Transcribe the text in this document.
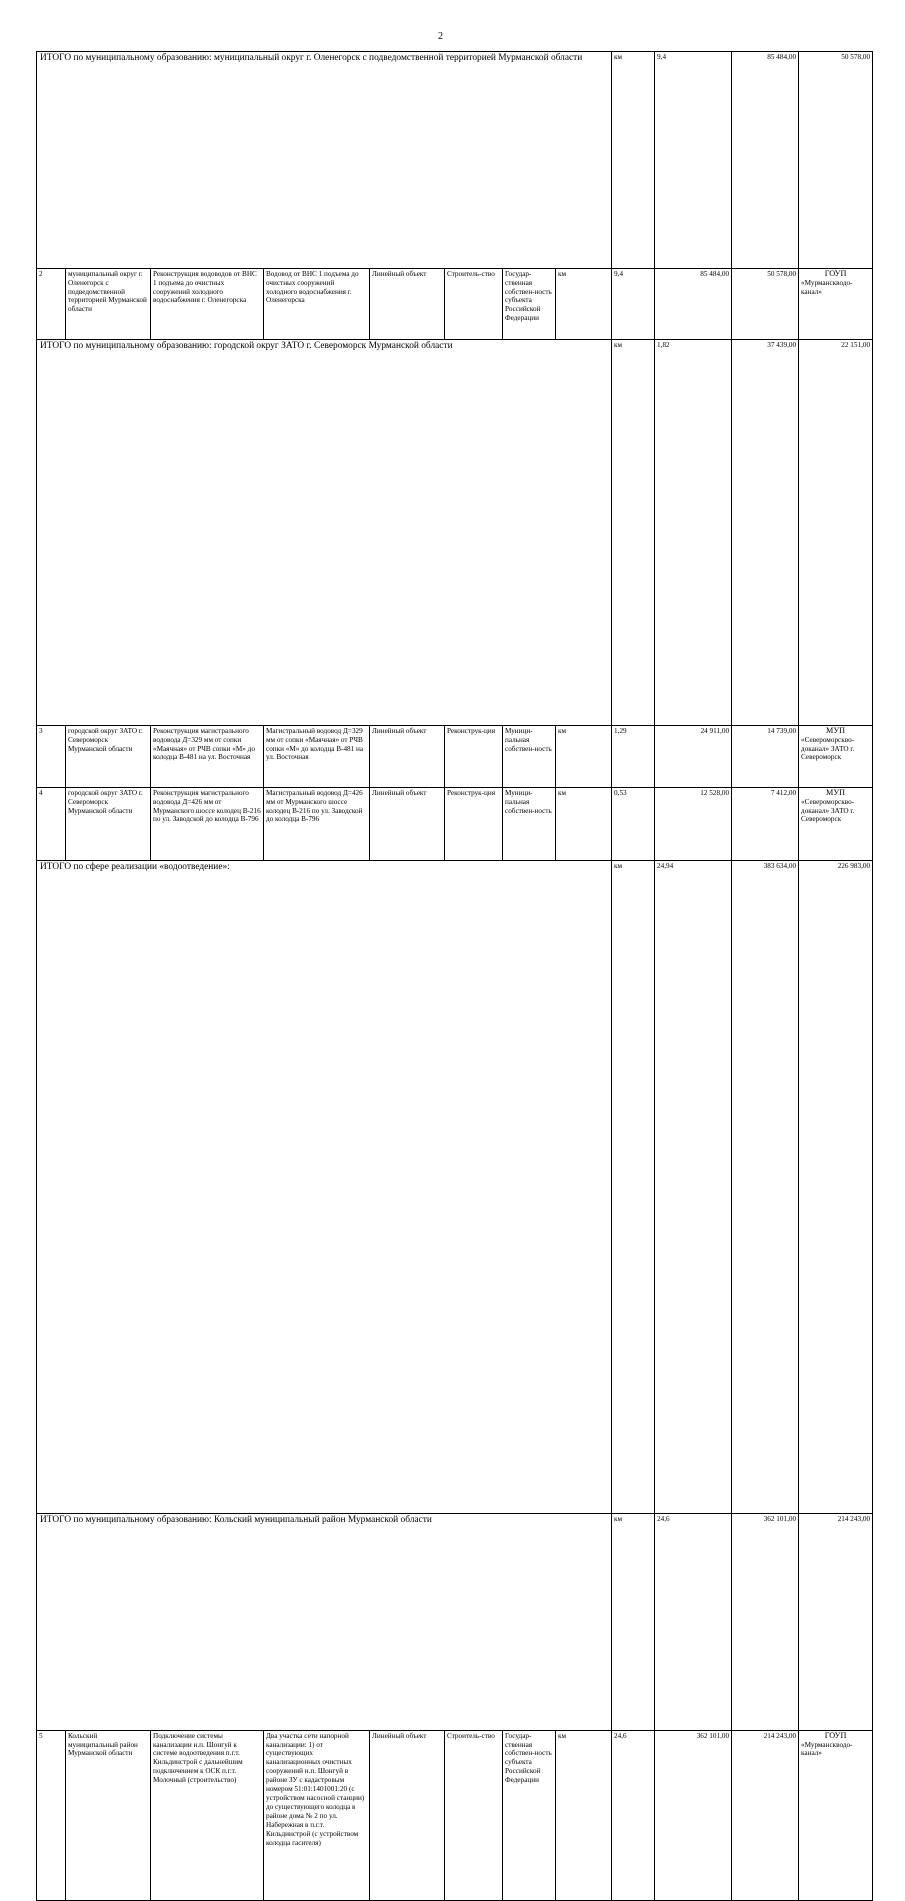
2
ИТОГО по муниципальному образованию: муниципальный округ г. Оленегорск с подведомственной территорией Мурманской области								км	9,4	85 484,00	50 578,00	

2	муниципальный округ г. Оленегорск с подведомственной территорией Мурманской области	Реконструкция водоводов от ВНС 1 подъема до очистных сооружений холодного водоснабжения г. Оленегорска	Водовод от ВНС 1 подъема до очистных сооружений холодного водоснабжения г. Оленегорска	Линейный объект	Строитель-ство	Государ-ственная собствен-ность субъекта Российской Федерации	км	9,4	85 484,00	50 578,00	ГОУП
«Мурманскводо-канал»	

ИТОГО по муниципальному образованию: городской округ ЗАТО г. Североморск Мурманской области								км	1,82	37 439,00	22 151,00	

3	городской округ ЗАТО г. Североморск Мурманской области	Реконструкция магистрального водовода Д=329 мм от сопки «Маячная» от РЧВ сопки «М» до колодца В-481 на ул. Восточная	Магистральный водовод Д=329 мм от сопки «Маячная» от РЧВ сопки «М» до колодца В-481 на ул. Восточная	Линейный объект	Реконструк-ция	Муници-пальная собствен-ность	км	1,29	24 911,00	14 739,00	МУП
«Североморскво-доканал» ЗАТО г. Североморск	

4	городской округ ЗАТО г. Североморск Мурманской области	Реконструкция магистрального водовода Д=426 мм от Мурманского шоссе колодец В-216 по ул. Заводской до колодца В-796	Магистральный водовод Д=426 мм от Мурманского шоссе колодец В-216 по ул. Заводской до колодца В-796	Линейный объект	Реконструк-ция	Муници-пальная собствен-ность	км	0,53	12 528,00	7 412,00	МУП
«Североморскво-доканал» ЗАТО г. Североморск	

ИТОГО по сфере реализации «водоотведение»:								км	24,94	383 634,00	226 983,00	

ИТОГО по муниципальному образованию: Кольский муниципальный район Мурманской области								км	24,6	362 101,00	214 243,00	

5	Кольский муниципальный район Мурманской области	Подключение системы канализации н.п. Шонгуй к системе водоотведения п.г.т. Кильдинстрой с дальнейшим подключением к ОСК п.г.т. Молочный (строительство)	Два участка сети напорной канализации: 1) от существующих канализационных очистных сооружений н.п. Шонгуй в районе ЗУ с кадастровым номером 51:01:1401001:20 (с устройством насосной станции) до существующего колодца в районе дома № 2 по ул. Набережная в п.г.т. Кильдинстрой (с устройством колодца гасителя)	Линейный объект	Строитель-ство	Государ-ственная собствен-ность субъекта Российской Федерации	км	24,6	362 101,00	214 243,00	ГОУП
«Мурманскводо-канал»	
